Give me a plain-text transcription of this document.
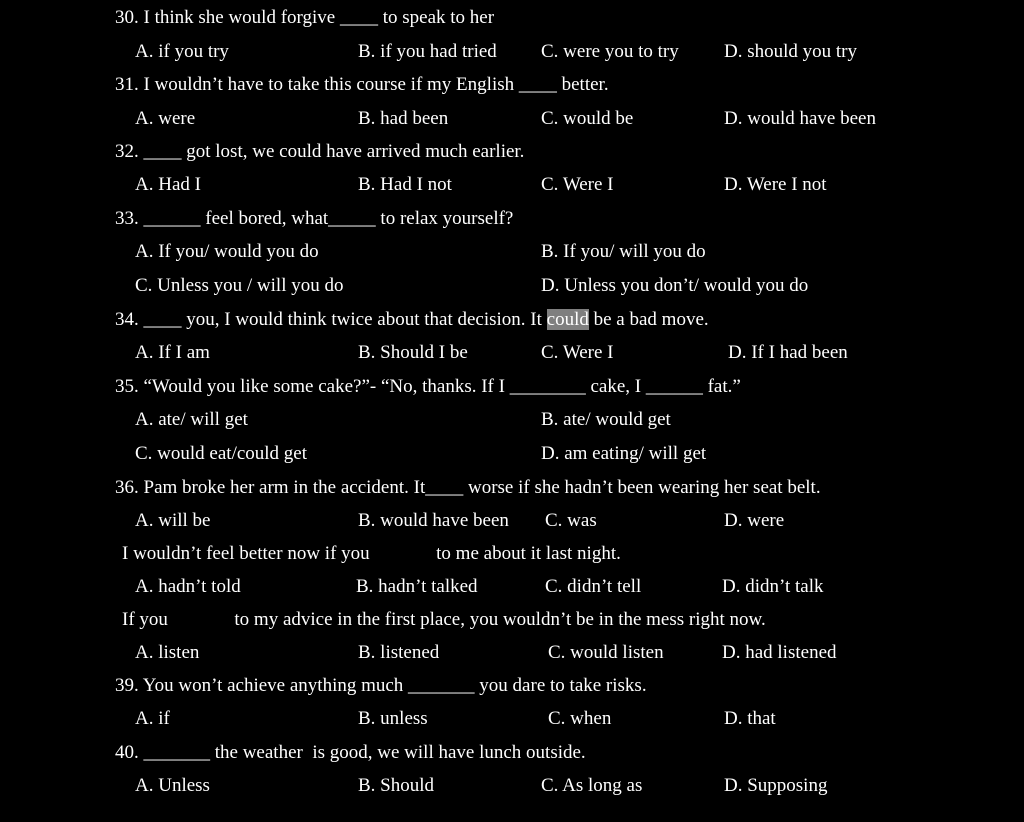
30. I think she would forgive ____ to speak to her
A. if you try	B. if you had tried C. were you to try D. should you try
31. I wouldn’t have to take this course if my English ____ better.
A. were	B. had been	C. would be	D. would have been
32. ____ got lost, we could have arrived much earlier.
A. Had I	B. Had I not	C. Were I	D. Were I not
33. ______ feel bored, what_____ to relax yourself?
A. If you/ would you do	B. If you/ will you do
C. Unless you / will you do	D. Unless you don’t/ would you do
34. ____ you, I would think twice about that decision. It could be a bad move.
A. If I am	B. Should I be	C. Were I	D. If I had been
35. “Would you like some cake?”- “No, thanks. If I ________ cake, I ______ fat.”
A. ate/ will get	B. ate/ would get
C. would eat/could get	D. am eating/ will get
36. Pam broke her arm in the accident. It____ worse if she hadn’t been wearing her seat belt.
A. will be	B. would have been C. was	D. were
I wouldn’t feel better now if you              to me about it last night.
A. hadn’t told	B. hadn’t talked	C. didn’t tell	D. didn’t talk
If you              to my advice in the first place, you wouldn’t be in the mess right now.
A. listen	B. listened	C. would listen	D. had listened
39. You won’t achieve anything much _______ you dare to take risks.
A. if	B. unless	C. when	D. that
40. _______ the weather  is good, we will have lunch outside.
A. Unless	B. Should	C. As long as	D. Supposing
